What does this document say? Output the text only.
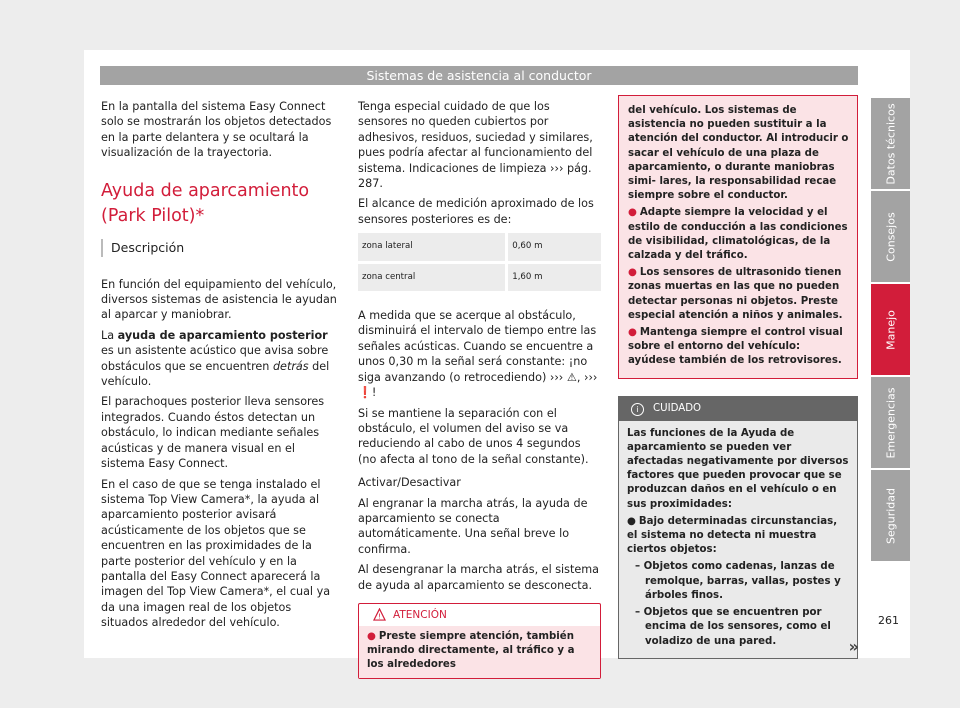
Sistemas de asistencia al conductor

En la pantalla del sistema Easy Connect solo se mostrarán los objetos detectados en la parte delantera y se ocultará la visualización de la trayectoria.

Ayuda de aparcamiento (Park Pilot)*
Descripción

En función del equipamiento del vehículo, diversos sistemas de asistencia le ayudan al aparcar y maniobrar.

La ayuda de aparcamiento posterior es un asistente acústico que avisa sobre obstáculos que se encuentren detrás del vehículo.

El parachoques posterior lleva sensores integrados. Cuando éstos detectan un obstáculo, lo indican mediante señales acústicas y de manera visual en el sistema Easy Connect.

En el caso de que se tenga instalado el sistema Top View Camera*, la ayuda al aparcamiento posterior avisará acústicamente de los objetos que se encuentren en las proximidades de la parte posterior del vehículo y en la pantalla del Easy Connect aparecerá la imagen del Top View Camera*, el cual ya da una imagen real de los objetos situados alrededor del vehículo.

Tenga especial cuidado de que los sensores no queden cubiertos por adhesivos, residuos, suciedad y similares, pues podría afectar al funcionamiento del sistema. Indicaciones de limpieza ››› pág. 287.

El alcance de medición aproximado de los sensores posteriores es de:

zona lateral	0,60 m
zona central	1,60 m

A medida que se acerque al obstáculo, disminuirá el intervalo de tiempo entre las señales acústicas. Cuando se encuentre a unos 0,30 m la señal será constante: ¡no siga avanzando (o retrocediendo) ››› ⚠, ››› ❗!

Si se mantiene la separación con el obstáculo, el volumen del aviso se va reduciendo al cabo de unos 4 segundos (no afecta al tono de la señal constante).

Activar/Desactivar

Al engranar la marcha atrás, la ayuda de aparcamiento se conecta automáticamente. Una señal breve lo confirma.

Al desengranar la marcha atrás, el sistema de ayuda al aparcamiento se desconecta.

! ATENCIÓN
● Preste siempre atención, también mirando directamente, al tráfico y a los alrededores

del vehículo. Los sistemas de asistencia no pueden sustituir a la atención del conductor. Al introducir o sacar el vehículo de una plaza de aparcamiento, o durante maniobras simi- lares, la responsabilidad recae siempre sobre el conductor.

● Adapte siempre la velocidad y el estilo de conducción a las condiciones de visibilidad, climatológicas, de la calzada y del tráfico.

● Los sensores de ultrasonido tienen zonas muertas en las que no pueden detectar personas ni objetos. Preste especial atención a niños y animales.

● Mantenga siempre el control visual sobre el entorno del vehículo: ayúdese también de los retrovisores.

i	CUIDADO

Las funciones de la Ayuda de aparcamiento se pueden ver afectadas negativamente por diversos factores que pueden provocar que se produzcan daños en el vehículo o en sus proximidades:

● Bajo determinadas circunstancias, el sistema no detecta ni muestra ciertos objetos:

– Objetos como cadenas, lanzas de remolque, barras, vallas, postes y árboles finos.

– Objetos que se encuentren por encima de los sensores, como el voladizo de una pared.	»
Datos técnicos
Consejos
Manejo
Emergencias
Seguridad
261
